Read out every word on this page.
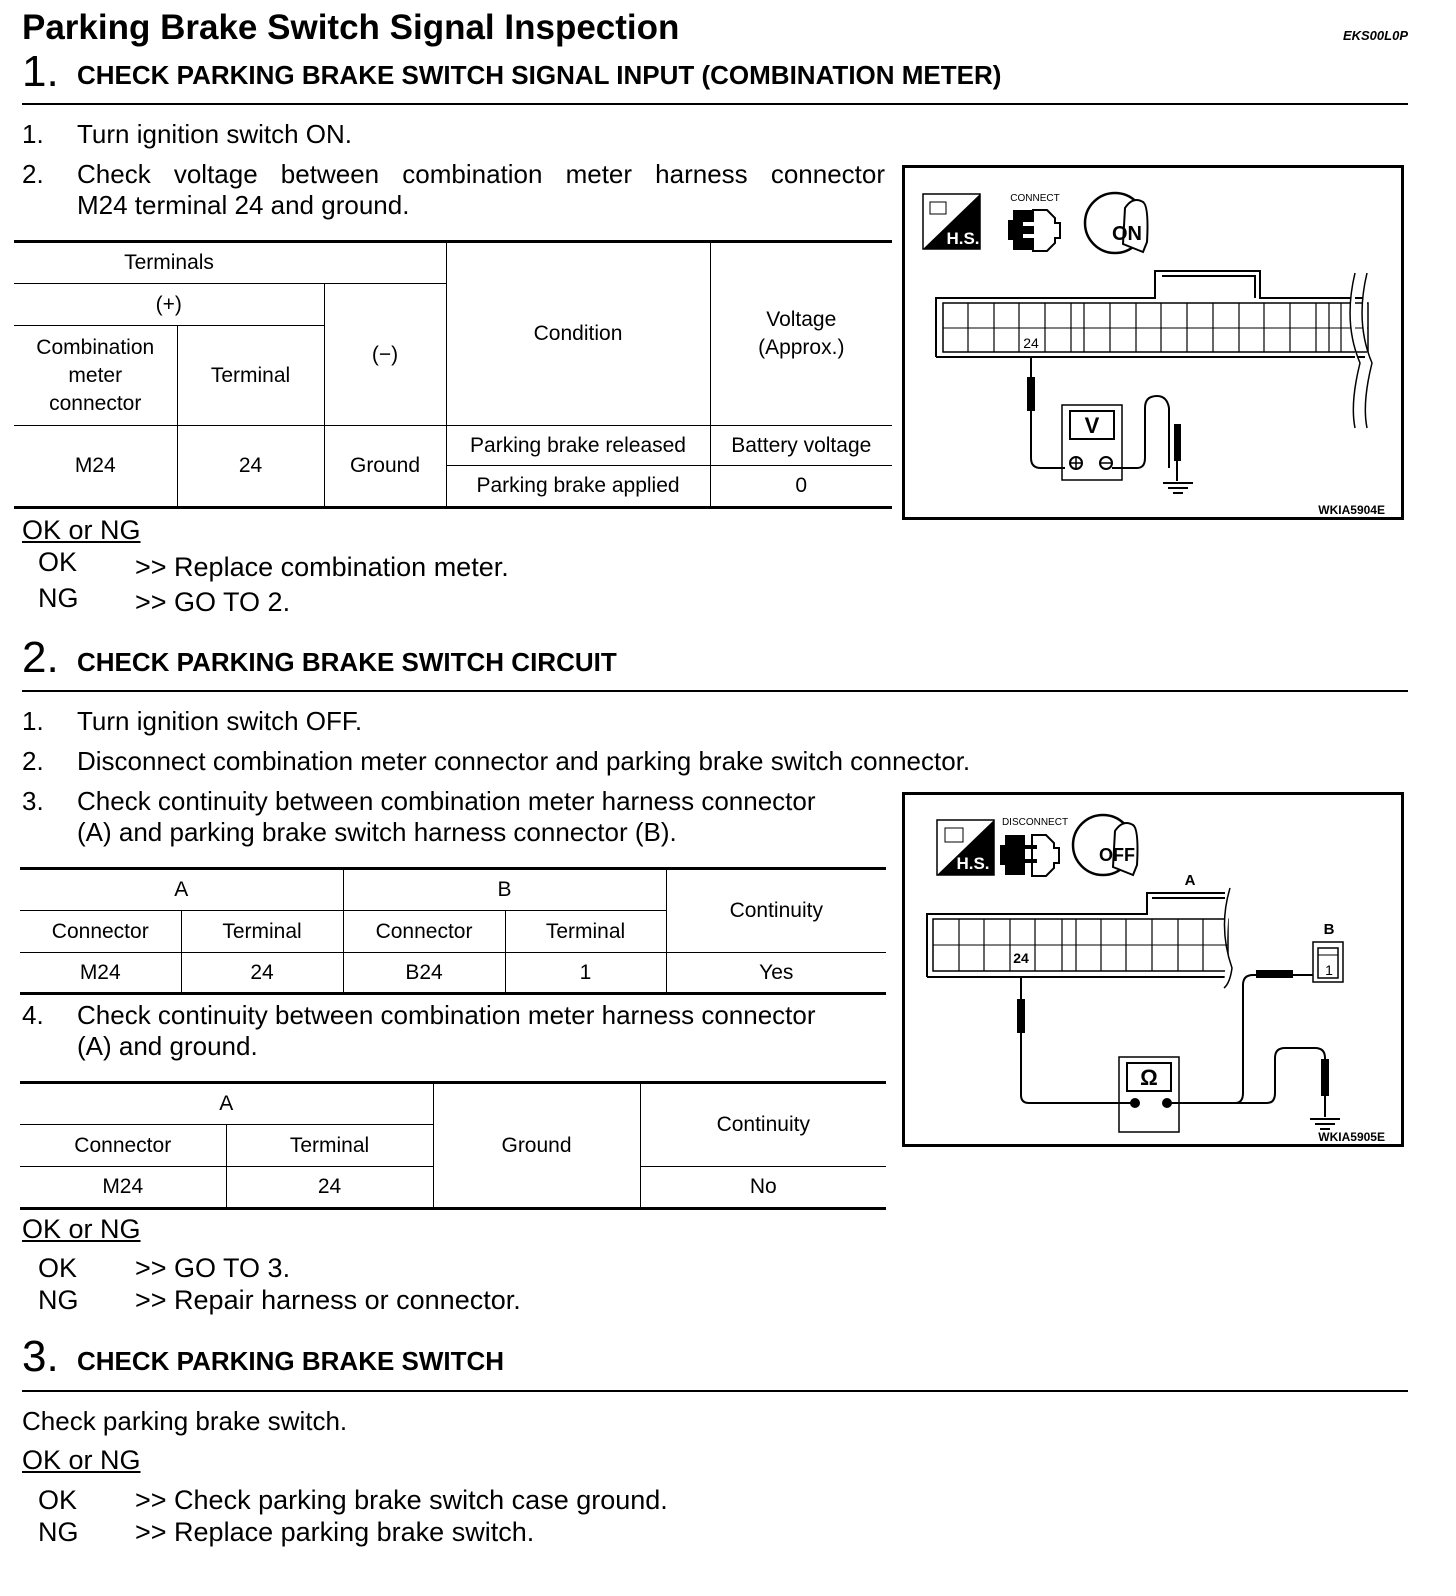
Parking Brake Switch Signal Inspection	EKS00L0P
1. CHECK PARKING BRAKE SWITCH SIGNAL INPUT (COMBINATION METER)
1. Turn ignition switch ON.
2. Check voltage between combination meter harness connector
M24 terminal 24 and ground.
Terminals			Condition	Voltage (Approx.)
(+)		(−)		
Combination meter connector	Terminal			
M24	24	Ground	Parking brake released	Battery voltage
			Parking brake applied	0
H.S.
CONNECT
ON
24
V
WKIA5904E
OK or NG
OK >> Replace combination meter.
NG >> GO TO 2.
2. CHECK PARKING BRAKE SWITCH CIRCUIT
1. Turn ignition switch OFF.
2. Disconnect combination meter connector and parking brake switch connector.
3. Check continuity between combination meter harness connector
(A) and parking brake switch harness connector (B).
A		B		Continuity
Connector	Terminal	Connector	Terminal	
M24	24	B24	1	Yes
4. Check continuity between combination meter harness connector
(A) and ground.
A		Ground	Continuity
Connector	Terminal		
M24	24		No
H.S.
DISCONNECT
OFF
A
24
B
1
Ω
WKIA5905E
OK or NG
OK >> GO TO 3.
NG >> Repair harness or connector.
3. CHECK PARKING BRAKE SWITCH
Check parking brake switch.
OK or NG
OK >> Check parking brake switch case ground.
NG >> Replace parking brake switch.
